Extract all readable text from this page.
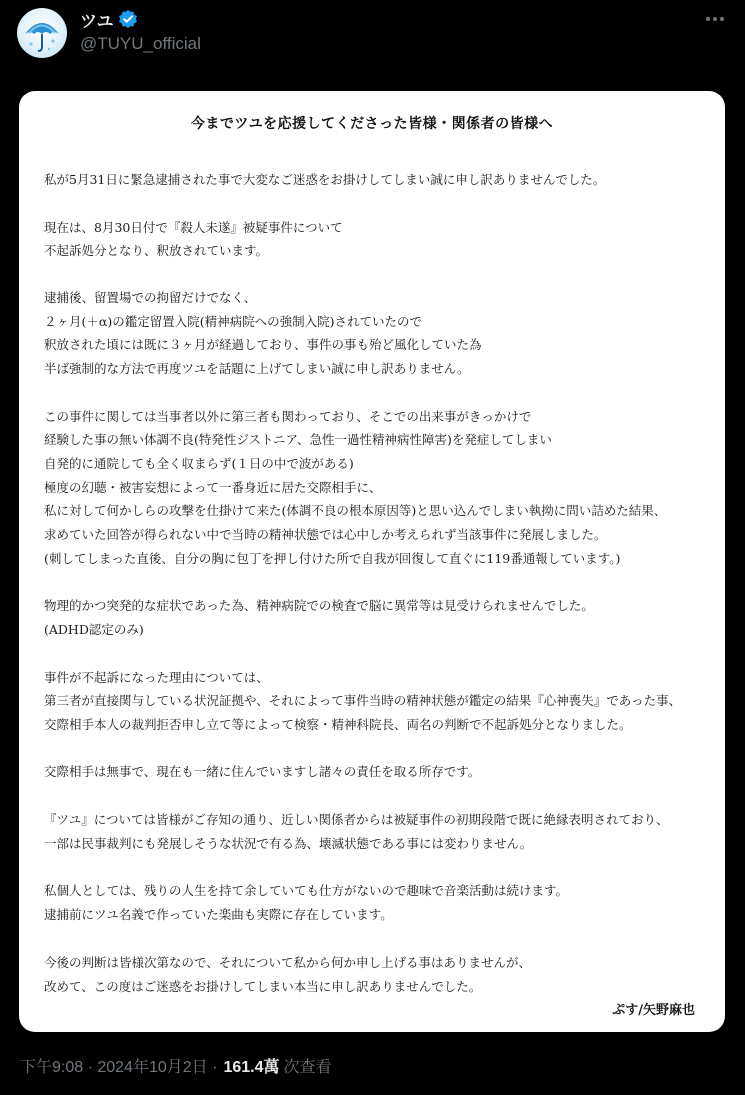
ツユ
@TUYU_official
今までツユを応援してくださった皆様・関係者の皆様へ
私が5月31日に緊急逮捕された事で大変なご迷惑をお掛けしてしまい誠に申し訳ありませんでした。
現在は、8月30日付で『殺人未遂』被疑事件について
不起訴処分となり、釈放されています。
逮捕後、留置場での拘留だけでなく、
２ヶ月(＋α)の鑑定留置入院(精神病院への強制入院)されていたので
釈放された頃には既に３ヶ月が経過しており、事件の事も殆ど風化していた為
半ば強制的な方法で再度ツユを話題に上げてしまい誠に申し訳ありません。
この事件に関しては当事者以外に第三者も関わっており、そこでの出来事がきっかけで
経験した事の無い体調不良(特発性ジストニア、急性一過性精神病性障害)を発症してしまい
自発的に通院しても全く収まらず(１日の中で波がある)
極度の幻聴・被害妄想によって一番身近に居た交際相手に、
私に対して何かしらの攻撃を仕掛けて来た(体調不良の根本原因等)と思い込んでしまい執拗に問い詰めた結果、
求めていた回答が得られない中で当時の精神状態では心中しか考えられず当該事件に発展しました。
(刺してしまった直後、自分の胸に包丁を押し付けた所で自我が回復して直ぐに119番通報しています。)
物理的かつ突発的な症状であった為、精神病院での検査で脳に異常等は見受けられませんでした。
(ADHD認定のみ)
事件が不起訴になった理由については、
第三者が直接関与している状況証拠や、それによって事件当時の精神状態が鑑定の結果『心神喪失』であった事、
交際相手本人の裁判拒否申し立て等によって検察・精神科院長、両名の判断で不起訴処分となりました。
交際相手は無事で、現在も一緒に住んでいますし諸々の責任を取る所存です。
『ツユ』については皆様がご存知の通り、近しい関係者からは被疑事件の初期段階で既に絶縁表明されており、
一部は民事裁判にも発展しそうな状況で有る為、壊滅状態である事には変わりません。
私個人としては、残りの人生を持て余していても仕方がないので趣味で音楽活動は続けます。
逮捕前にツユ名義で作っていた楽曲も実際に存在しています。
今後の判断は皆様次第なので、それについて私から何か申し上げる事はありませんが、
改めて、この度はご迷惑をお掛けしてしまい本当に申し訳ありませんでした。
ぷす/矢野麻也
下午9:08 · 2024年10月2日 · 161.4萬 次查看
